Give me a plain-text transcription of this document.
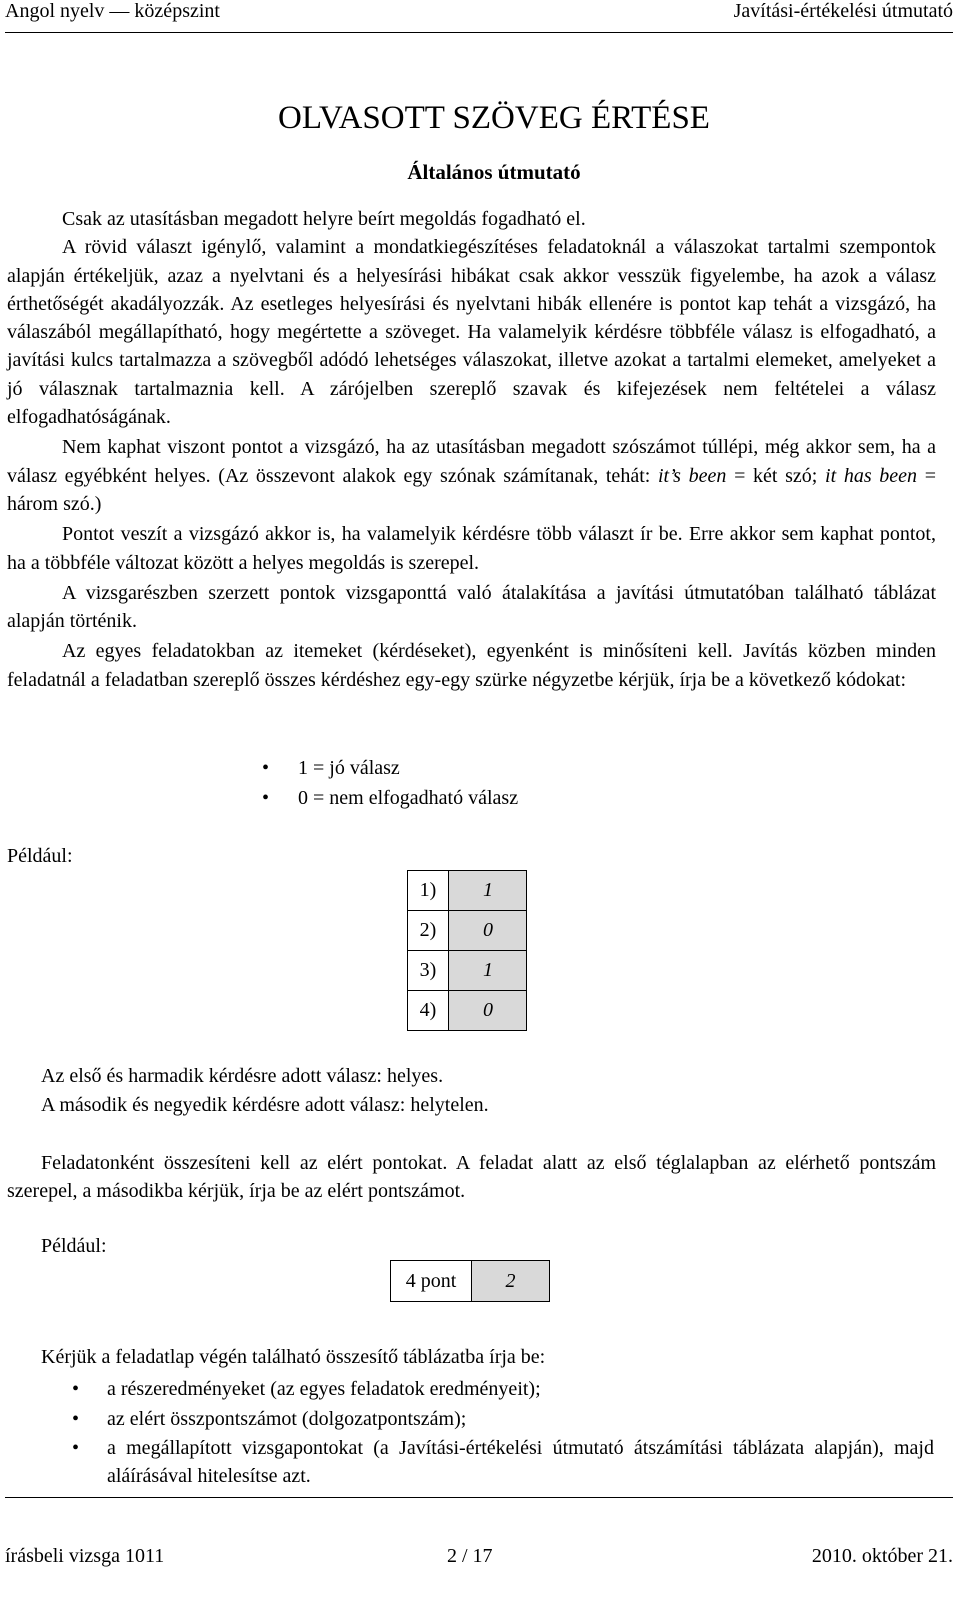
Angol nyelv — középszint	Javítási-értékelési útmutató
OLVASOTT SZÖVEG ÉRTÉSE
Általános útmutató

Csak az utasításban megadott helyre beírt megoldás fogadható el.

A rövid választ igénylő, valamint a mondatkiegészítéses feladatoknál a válaszokat tartalmi szempontok alapján értékeljük, azaz a nyelvtani és a helyesírási hibákat csak akkor vesszük figyelembe, ha azok a válasz érthetőségét akadályozzák. Az esetleges helyesírási és nyelvtani hibák ellenére is pontot kap tehát a vizsgázó, ha válaszából megállapítható, hogy megértette a szöveget. Ha valamelyik kérdésre többféle válasz is elfogadható, a javítási kulcs tartalmazza a szövegből adódó lehetséges válaszokat, illetve azokat a tartalmi elemeket, amelyeket a jó válasznak tartalmaznia kell. A zárójelben szereplő szavak és kifejezések nem feltételei a válasz elfogadhatóságának.

Nem kaphat viszont pontot a vizsgázó, ha az utasításban megadott szószámot túllépi, még akkor sem, ha a válasz egyébként helyes. (Az összevont alakok egy szónak számítanak, tehát: it’s been = két szó; it has been = három szó.)

Pontot veszít a vizsgázó akkor is, ha valamelyik kérdésre több választ ír be. Erre akkor sem kaphat pontot, ha a többféle változat között a helyes megoldás is szerepel.

A vizsgarészben szerzett pontok vizsgaponttá való átalakítása a javítási útmutatóban található táblázat alapján történik.

Az egyes feladatokban az itemeket (kérdéseket), egyenként is minősíteni kell. Javítás közben minden feladatnál a feladatban szereplő összes kérdéshez egy-egy szürke négyzetbe kérjük, írja be a következő kódokat:

• 1 = jó válasz
• 0 = nem elfogadható válasz
Például:
1)	1
2)	0
3)	1
4)	0
Az első és harmadik kérdésre adott válasz: helyes.
A második és negyedik kérdésre adott válasz: helytelen.
Feladatonként összesíteni kell az elért pontokat. A feladat alatt az első téglalapban az elérhető pontszám szerepel, a másodikba kérjük, írja be az elért pontszámot.
Például:
4 pont	2
Kérjük a feladatlap végén található összesítő táblázatba írja be:
• a részeredményeket (az egyes feladatok eredményeit);
• az elért összpontszámot (dolgozatpontszám);
• a megállapított vizsgapontokat (a Javítási-értékelési útmutató átszámítási táblázata alapján), majd aláírásával hitelesítse azt.
írásbeli vizsga 1011	2 / 17	2010. október 21.
